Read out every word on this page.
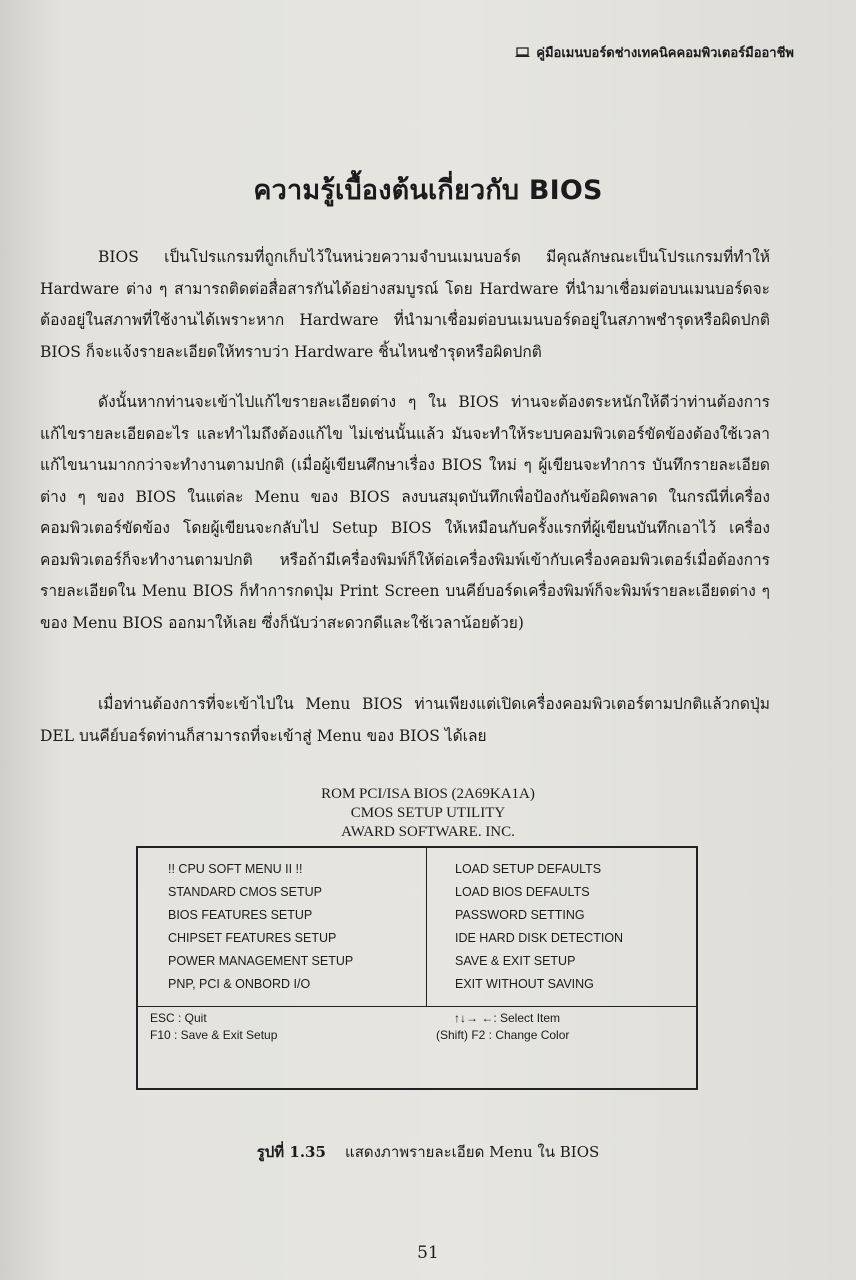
คู่มือเมนบอร์ดช่างเทคนิคคอมพิวเตอร์มืออาชีพ
ความรู้เบื้องต้นเกี่ยวกับ BIOS
BIOS เป็นโปรแกรมที่ถูกเก็บไว้ในหน่วยความจำบนเมนบอร์ด มีคุณลักษณะเป็นโปรแกรมที่ทำให้ Hardware ต่าง ๆ สามารถติดต่อสื่อสารกันได้อย่างสมบูรณ์ โดย Hardware ที่นำมาเชื่อมต่อบนเมนบอร์ดจะต้องอยู่ในสภาพที่ใช้งานได้เพราะหาก Hardware ที่นำมาเชื่อมต่อบนเมนบอร์ดอยู่ในสภาพชำรุดหรือผิดปกติ BIOS ก็จะแจ้งรายละเอียดให้ทราบว่า Hardware ชิ้นไหนชำรุดหรือผิดปกติ
ดังนั้นหากท่านจะเข้าไปแก้ไขรายละเอียดต่าง ๆ ใน BIOS ท่านจะต้องตระหนักให้ดีว่าท่านต้องการแก้ไขรายละเอียดอะไร และทำไมถึงต้องแก้ไข ไม่เช่นนั้นแล้ว มันจะทำให้ระบบคอมพิวเตอร์ขัดข้องต้องใช้เวลาแก้ไขนานมากกว่าจะทำงานตามปกติ (เมื่อผู้เขียนศึกษาเรื่อง BIOS ใหม่ ๆ ผู้เขียนจะทำการ บันทึกรายละเอียดต่าง ๆ ของ BIOS ในแต่ละ Menu ของ BIOS ลงบนสมุดบันทึกเพื่อป้องกันข้อผิดพลาด ในกรณีที่เครื่องคอมพิวเตอร์ขัดข้อง โดยผู้เขียนจะกลับไป Setup BIOS ให้เหมือนกับครั้งแรกที่ผู้เขียนบันทึกเอาไว้ เครื่องคอมพิวเตอร์ก็จะทำงานตามปกติ หรือถ้ามีเครื่องพิมพ์ก็ให้ต่อเครื่องพิมพ์เข้ากับเครื่องคอมพิวเตอร์เมื่อต้องการรายละเอียดใน Menu BIOS ก็ทำการกดปุ่ม Print Screen บนคีย์บอร์ดเครื่องพิมพ์ก็จะพิมพ์รายละเอียดต่าง ๆ ของ Menu BIOS ออกมาให้เลย ซึ่งก็นับว่าสะดวกดีและใช้เวลาน้อยด้วย)
เมื่อท่านต้องการที่จะเข้าไปใน Menu BIOS ท่านเพียงแต่เปิดเครื่องคอมพิวเตอร์ตามปกติแล้วกดปุ่ม DEL บนคีย์บอร์ดท่านก็สามารถที่จะเข้าสู่ Menu ของ BIOS ได้เลย
ROM PCI/ISA BIOS (2A69KA1A)
CMOS SETUP UTILITY
AWARD SOFTWARE. INC.
!! CPU SOFT MENU II !!
STANDARD CMOS SETUP
BIOS FEATURES SETUP
CHIPSET FEATURES SETUP
POWER MANAGEMENT SETUP
PNP, PCI & ONBORD I/O
LOAD SETUP DEFAULTS
LOAD BIOS DEFAULTS
PASSWORD SETTING
IDE HARD DISK DETECTION
SAVE & EXIT SETUP
EXIT WITHOUT SAVING
ESC : Quit
F10 : Save & Exit Setup
↑↓→ ←: Select Item
(Shift) F2 : Change Color
รูปที่ 1.35 แสดงภาพรายละเอียด Menu ใน BIOS
51
